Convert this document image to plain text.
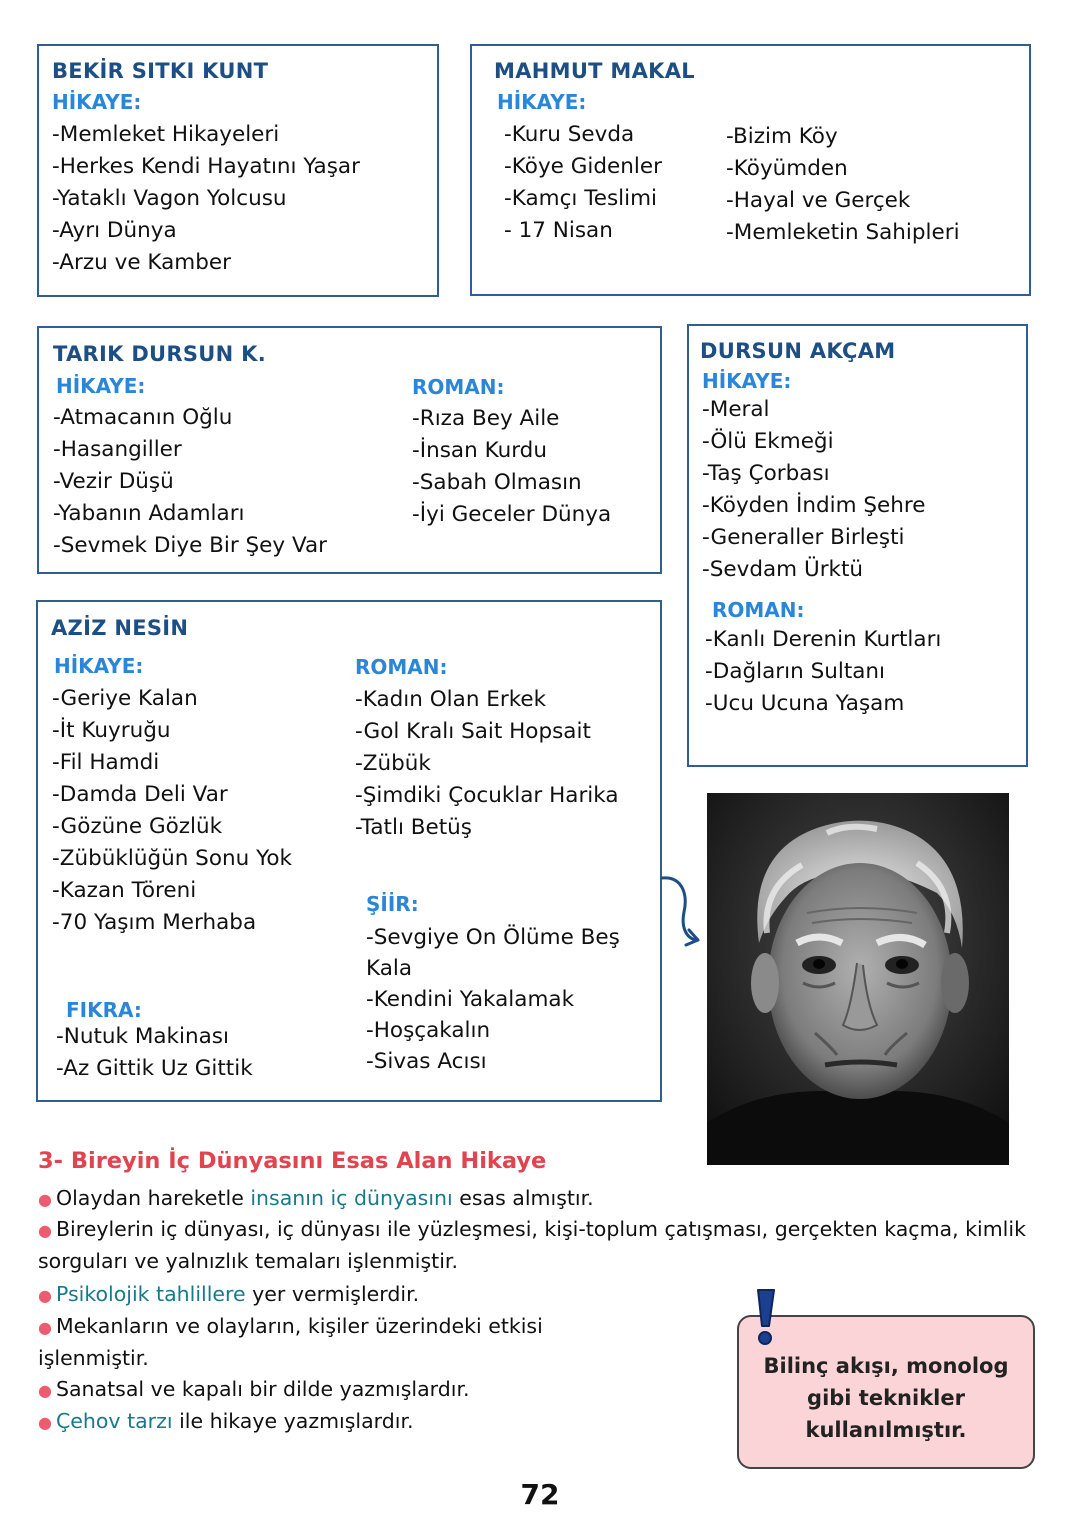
BEKİR SITKI KUNT
HİKAYE:
- Memleket Hikayeleri
- Herkes Kendi Hayatını Yaşar
- Yataklı Vagon Yolcusu
- Ayrı Dünya
- Arzu ve Kamber
MAHMUT MAKAL
HİKAYE:
- Kuru Sevda
- Köye Gidenler
- Kamçı Teslimi
- 17 Nisan
- Bizim Köy
- Köyümden
- Hayal ve Gerçek
- Memleketin Sahipleri
TARIK DURSUN K.
HİKAYE:
- Atmacanın Oğlu
- Hasangiller
- Vezir Düşü
- Yabanın Adamları
- Sevmek Diye Bir Şey Var
ROMAN:
- Rıza Bey Aile
- İnsan Kurdu
- Sabah Olmasın
- İyi Geceler Dünya
DURSUN AKÇAM
HİKAYE:
- Meral
- Ölü Ekmeği
- Taş Çorbası
- Köyden İndim Şehre
- Generaller Birleşti
- Sevdam Ürktü
ROMAN:
- Kanlı Derenin Kurtları
- Dağların Sultanı
- Ucu Ucuna Yaşam
AZİZ NESİN
HİKAYE:
- Geriye Kalan
- İt Kuyruğu
- Fil Hamdi
- Damda Deli Var
- Gözüne Gözlük
- Zübüklüğün Sonu Yok
- Kazan Töreni
- 70 Yaşım Merhaba
ROMAN:
- Kadın Olan Erkek
- Gol Kralı Sait Hopsait
- Zübük
- Şimdiki Çocuklar Harika
- Tatlı Betüş
ŞİİR:
- Sevgiye On Ölüme Beş Kala
- Kendini Yakalamak
- Hoşçakalın
- Sivas Acısı
FIKRA:
- Nutuk Makinası
- Az Gittik Uz Gittik
3- Bireyin İç Dünyasını Esas Alan Hikaye
● Olaydan hareketle insanın iç dünyasını esas almıştır.
● Bireylerin iç dünyası, iç dünyası ile yüzleşmesi, kişi-toplum çatışması, gerçekten kaçma, kimlik sorguları ve yalnızlık temaları işlenmiştir.
● Psikolojik tahlillere yer vermişlerdir.
● Mekanların ve olayların, kişiler üzerindeki etkisi işlenmiştir.
● Sanatsal ve kapalı bir dilde yazmışlardır.
● Çehov tarzı ile hikaye yazmışlardır.
Bilinç akışı, monolog gibi teknikler kullanılmıştır.
72
